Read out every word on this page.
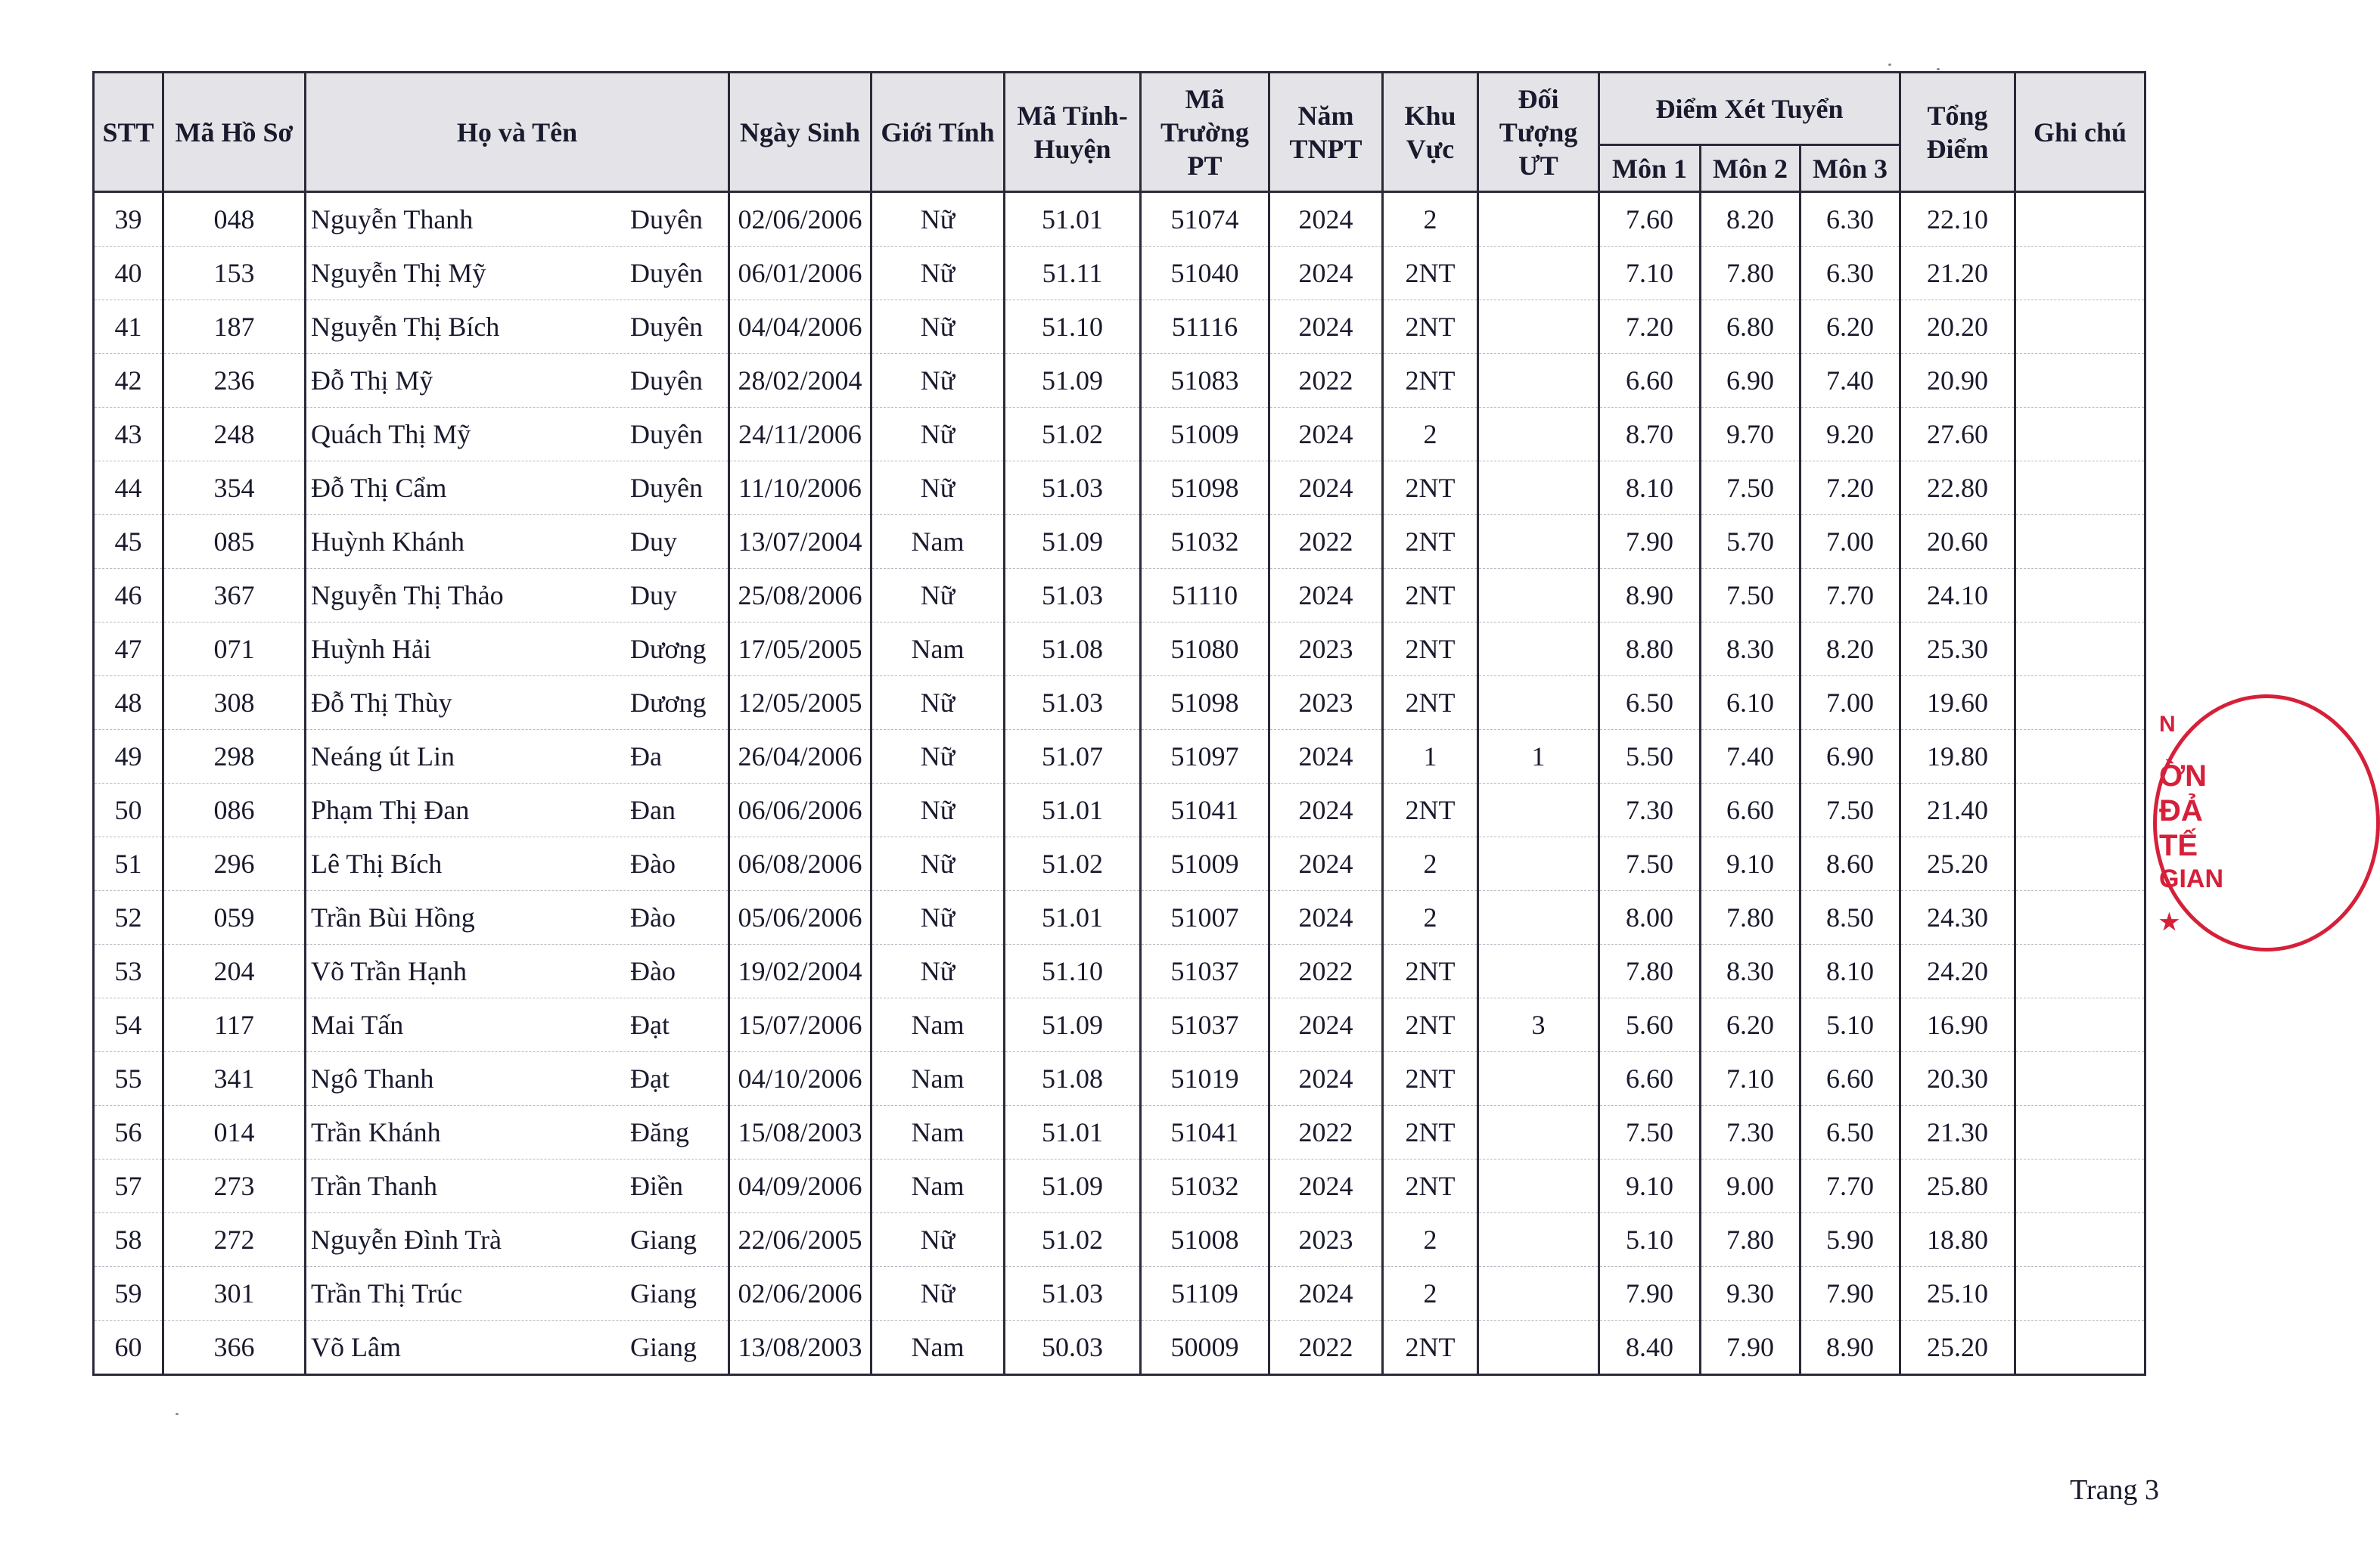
STT	Mã Hồ Sơ	Họ và Tên	Ngày Sinh	Giới Tính	Mã Tỉnh-Huyện	Mã Trường PT	Năm TNPT	Khu Vực	Đối Tượng ƯT	Điểm Xét Tuyển			Tổng Điểm	Ghi chú
										Môn 1	Môn 2	Môn 3		
39	048	Nguyễn Thanh Duyên	02/06/2006	Nữ	51.01	51074	2024	2		7.60	8.20	6.30	22.10	
40	153	Nguyễn Thị Mỹ Duyên	06/01/2006	Nữ	51.11	51040	2024	2NT		7.10	7.80	6.30	21.20	
41	187	Nguyễn Thị Bích Duyên	04/04/2006	Nữ	51.10	51116	2024	2NT		7.20	6.80	6.20	20.20	
42	236	Đỗ Thị Mỹ Duyên	28/02/2004	Nữ	51.09	51083	2022	2NT		6.60	6.90	7.40	20.90	
43	248	Quách Thị Mỹ Duyên	24/11/2006	Nữ	51.02	51009	2024	2		8.70	9.70	9.20	27.60	
44	354	Đỗ Thị Cẩm Duyên	11/10/2006	Nữ	51.03	51098	2024	2NT		8.10	7.50	7.20	22.80	
45	085	Huỳnh Khánh Duy	13/07/2004	Nam	51.09	51032	2022	2NT		7.90	5.70	7.00	20.60	
46	367	Nguyễn Thị Thảo Duy	25/08/2006	Nữ	51.03	51110	2024	2NT		8.90	7.50	7.70	24.10	
47	071	Huỳnh Hải Dương	17/05/2005	Nam	51.08	51080	2023	2NT		8.80	8.30	8.20	25.30	
48	308	Đỗ Thị Thùy Dương	12/05/2005	Nữ	51.03	51098	2023	2NT		6.50	6.10	7.00	19.60	
49	298	Neáng út Lin Đa	26/04/2006	Nữ	51.07	51097	2024	1	1	5.50	7.40	6.90	19.80	
50	086	Phạm Thị Đan Đan	06/06/2006	Nữ	51.01	51041	2024	2NT		7.30	6.60	7.50	21.40	
51	296	Lê Thị Bích Đào	06/08/2006	Nữ	51.02	51009	2024	2		7.50	9.10	8.60	25.20	
52	059	Trần Bùi Hồng Đào	05/06/2006	Nữ	51.01	51007	2024	2		8.00	7.80	8.50	24.30	
53	204	Võ Trần Hạnh Đào	19/02/2004	Nữ	51.10	51037	2022	2NT		7.80	8.30	8.10	24.20	
54	117	Mai Tấn Đạt	15/07/2006	Nam	51.09	51037	2024	2NT	3	5.60	6.20	5.10	16.90	
55	341	Ngô Thanh Đạt	04/10/2006	Nam	51.08	51019	2024	2NT		6.60	7.10	6.60	20.30	
56	014	Trần Khánh Đăng	15/08/2003	Nam	51.01	51041	2022	2NT		7.50	7.30	6.50	21.30	
57	273	Trần Thanh Điền	04/09/2006	Nam	51.09	51032	2024	2NT		9.10	9.00	7.70	25.80	
58	272	Nguyễn Đình Trà Giang	22/06/2005	Nữ	51.02	51008	2023	2		5.10	7.80	5.90	18.80	
59	301	Trần Thị Trúc Giang	02/06/2006	Nữ	51.03	51109	2024	2		7.90	9.30	7.90	25.10	
60	366	Võ Lâm Giang	13/08/2003	Nam	50.03	50009	2022	2NT		8.40	7.90	8.90	25.20	
Trang 3
N
ỜN
ĐẢ
TẾ
GIAN
★
